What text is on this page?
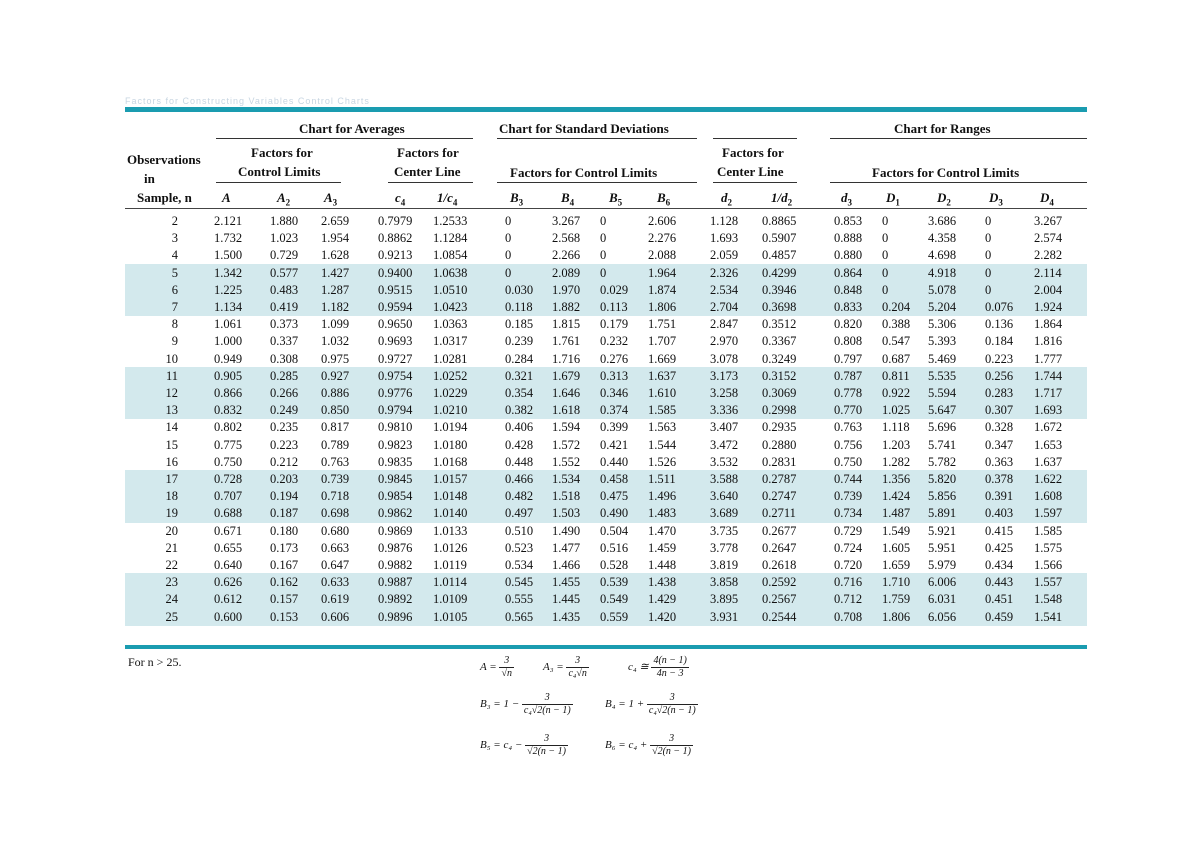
Factors for Constructing Variables Control Charts
Chart for Averages	Chart for Standard Deviations	Chart for Ranges
Observations
in
Factors for
Control Limits
Factors for
Center Line	Factors for Control Limits
Factors for
Center Line	Factors for Control Limits
Sample, n A	$A_2$	$A_3$	$c_4$ $1/c_4$	$B_3$	$B_4$	$B_5$	$B_6$	$d_2$	$1/d_2$	$d_3$	$D_1$	$D_2$	$D_3$	$D_4$
2	2.121 1.880 2.659 0.7979 1.2533	0	3.267 0	2.606	1.128 0.8865	0.853 0	3.686 0	3.267
3	1.732 1.023 1.954 0.8862 1.1284	0	2.568 0	2.276	1.693 0.5907	0.888 0	4.358 0	2.574
4	1.500 0.729 1.628 0.9213 1.0854	0	2.266 0	2.088	2.059 0.4857	0.880 0	4.698 0	2.282
5	1.342 0.577 1.427 0.9400 1.0638	0	2.089 0	1.964	2.326 0.4299	0.864 0	4.918 0	2.114
6	1.225 0.483 1.287 0.9515 1.0510	0.030 1.970 0.029 1.874	2.534 0.3946	0.848 0	5.078 0	2.004
7	1.134 0.419 1.182 0.9594 1.0423	0.118 1.882 0.113 1.806	2.704 0.3698	0.833 0.204 5.204 0.076 1.924
8	1.061 0.373 1.099 0.9650 1.0363	0.185 1.815 0.179 1.751	2.847 0.3512	0.820 0.388 5.306 0.136 1.864
9	1.000 0.337 1.032 0.9693 1.0317	0.239 1.761 0.232 1.707	2.970 0.3367	0.808 0.547 5.393 0.184 1.816
10	0.949 0.308 0.975 0.9727 1.0281	0.284 1.716 0.276 1.669	3.078 0.3249	0.797 0.687 5.469 0.223 1.777
11	0.905 0.285 0.927 0.9754 1.0252	0.321 1.679 0.313 1.637	3.173 0.3152	0.787 0.811 5.535 0.256 1.744
12	0.866 0.266 0.886 0.9776 1.0229	0.354 1.646 0.346 1.610	3.258 0.3069	0.778 0.922 5.594 0.283 1.717
13	0.832 0.249 0.850 0.9794 1.0210	0.382 1.618 0.374 1.585	3.336 0.2998	0.770 1.025 5.647 0.307 1.693
14	0.802 0.235 0.817 0.9810 1.0194	0.406 1.594 0.399 1.563	3.407 0.2935	0.763 1.118 5.696 0.328 1.672
15	0.775 0.223 0.789 0.9823 1.0180	0.428 1.572 0.421 1.544	3.472 0.2880	0.756 1.203 5.741 0.347 1.653
16	0.750 0.212 0.763 0.9835 1.0168	0.448 1.552 0.440 1.526	3.532 0.2831	0.750 1.282 5.782 0.363 1.637
17	0.728 0.203 0.739 0.9845 1.0157	0.466 1.534 0.458 1.511	3.588 0.2787	0.744 1.356 5.820 0.378 1.622
18	0.707 0.194 0.718 0.9854 1.0148	0.482 1.518 0.475 1.496	3.640 0.2747	0.739 1.424 5.856 0.391 1.608
19	0.688 0.187 0.698 0.9862 1.0140	0.497 1.503 0.490 1.483	3.689 0.2711	0.734 1.487 5.891 0.403 1.597
20	0.671 0.180 0.680 0.9869 1.0133	0.510 1.490 0.504 1.470	3.735 0.2677	0.729 1.549 5.921 0.415 1.585
21	0.655 0.173 0.663 0.9876 1.0126	0.523 1.477 0.516 1.459	3.778 0.2647	0.724 1.605 5.951 0.425 1.575
22	0.640 0.167 0.647 0.9882 1.0119	0.534 1.466 0.528 1.448	3.819 0.2618	0.720 1.659 5.979 0.434 1.566
23	0.626 0.162 0.633 0.9887 1.0114	0.545 1.455 0.539 1.438	3.858 0.2592	0.716 1.710 6.006 0.443 1.557
24	0.612 0.157 0.619 0.9892 1.0109	0.555 1.445 0.549 1.429	3.895 0.2567	0.712 1.759 6.031 0.451 1.548
25	0.600 0.153 0.606 0.9896 1.0105	0.565 1.435 0.559 1.420	3.931 0.2544	0.708 1.806 6.056 0.459 1.541
For n > 25.	$A = \frac{3}{√n}$	$A_3 = \frac{3}{\text{c₄√n}}$	c₄ ≅ $\frac{4(n - 1)}{4n - 3}$
$B_3 = 1 - \frac{3}{\text{c₄√2(n − 1)}}$	$B_4 = 1 + \frac{3}{\text{c₄√2(n − 1)}}$
$B_5 = c_4 - \frac{3}{√2(n - 1)}$	$B_6 = c_4 + \frac{3}{√2(n - 1)}$
